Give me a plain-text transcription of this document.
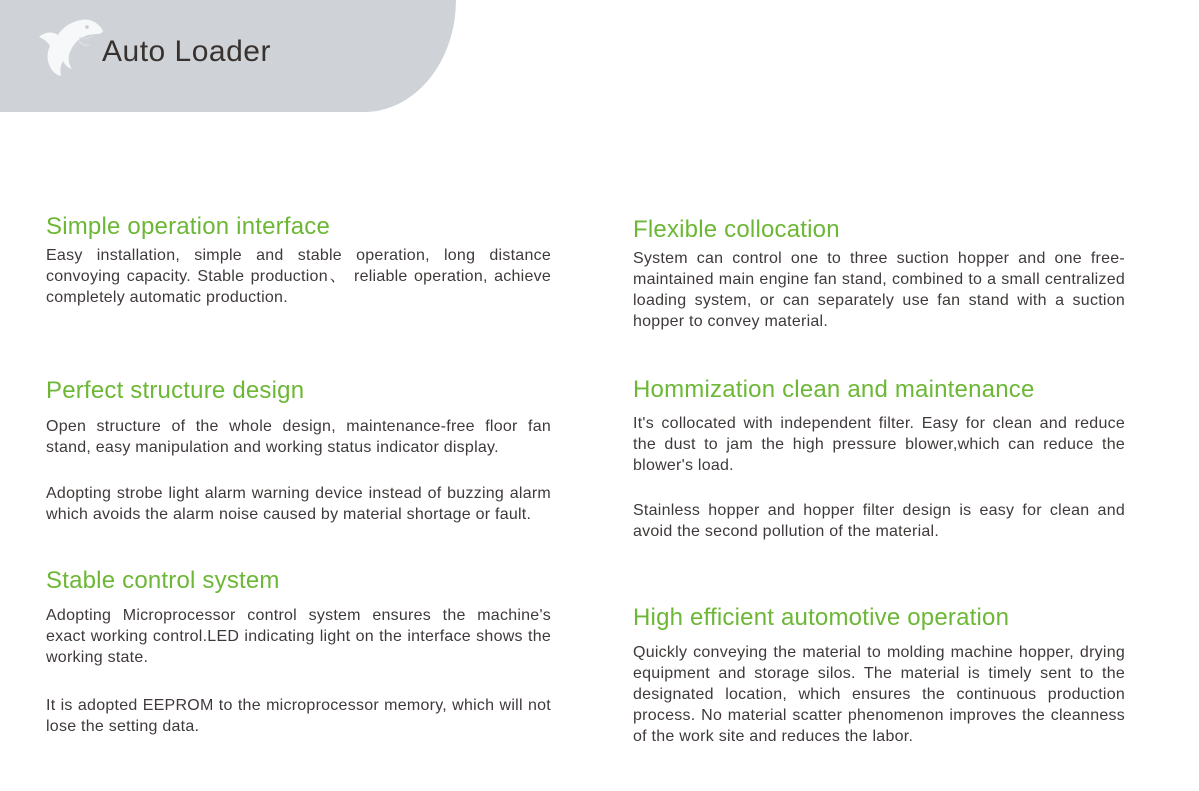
Auto Loader
Simple operation interface

Easy installation, simple and stable operation, long distance convoying capacity. Stable production、 reliable operation, achieve completely automatic production.

Perfect structure design

Open structure of the whole design, maintenance-free floor fan stand, easy manipulation and working status indicator display.

Adopting strobe light alarm warning device instead of buzzing alarm which avoids the alarm noise caused by material shortage or fault.

Stable control system

Adopting Microprocessor control system ensures the machine's exact working control.LED indicating light on the interface shows the working state.

It is adopted EEPROM to the microprocessor memory, which will not lose the setting data.

Flexible collocation

System can control one to three suction hopper and one free-maintained main engine fan stand, combined to a small centralized loading system, or can separately use fan stand with a suction hopper to convey material.

Hommization clean and maintenance

It's collocated with independent filter. Easy for clean and reduce the dust to jam the high pressure blower,which can reduce the blower's load.

Stainless hopper and hopper filter design is easy for clean and avoid the second pollution of the material.

High efficient automotive operation

Quickly conveying the material to molding machine hopper, drying equipment and storage silos. The material is timely sent to the designated location, which ensures the continuous production process. No material scatter phenomenon improves the cleanness of the work site and reduces the labor.
